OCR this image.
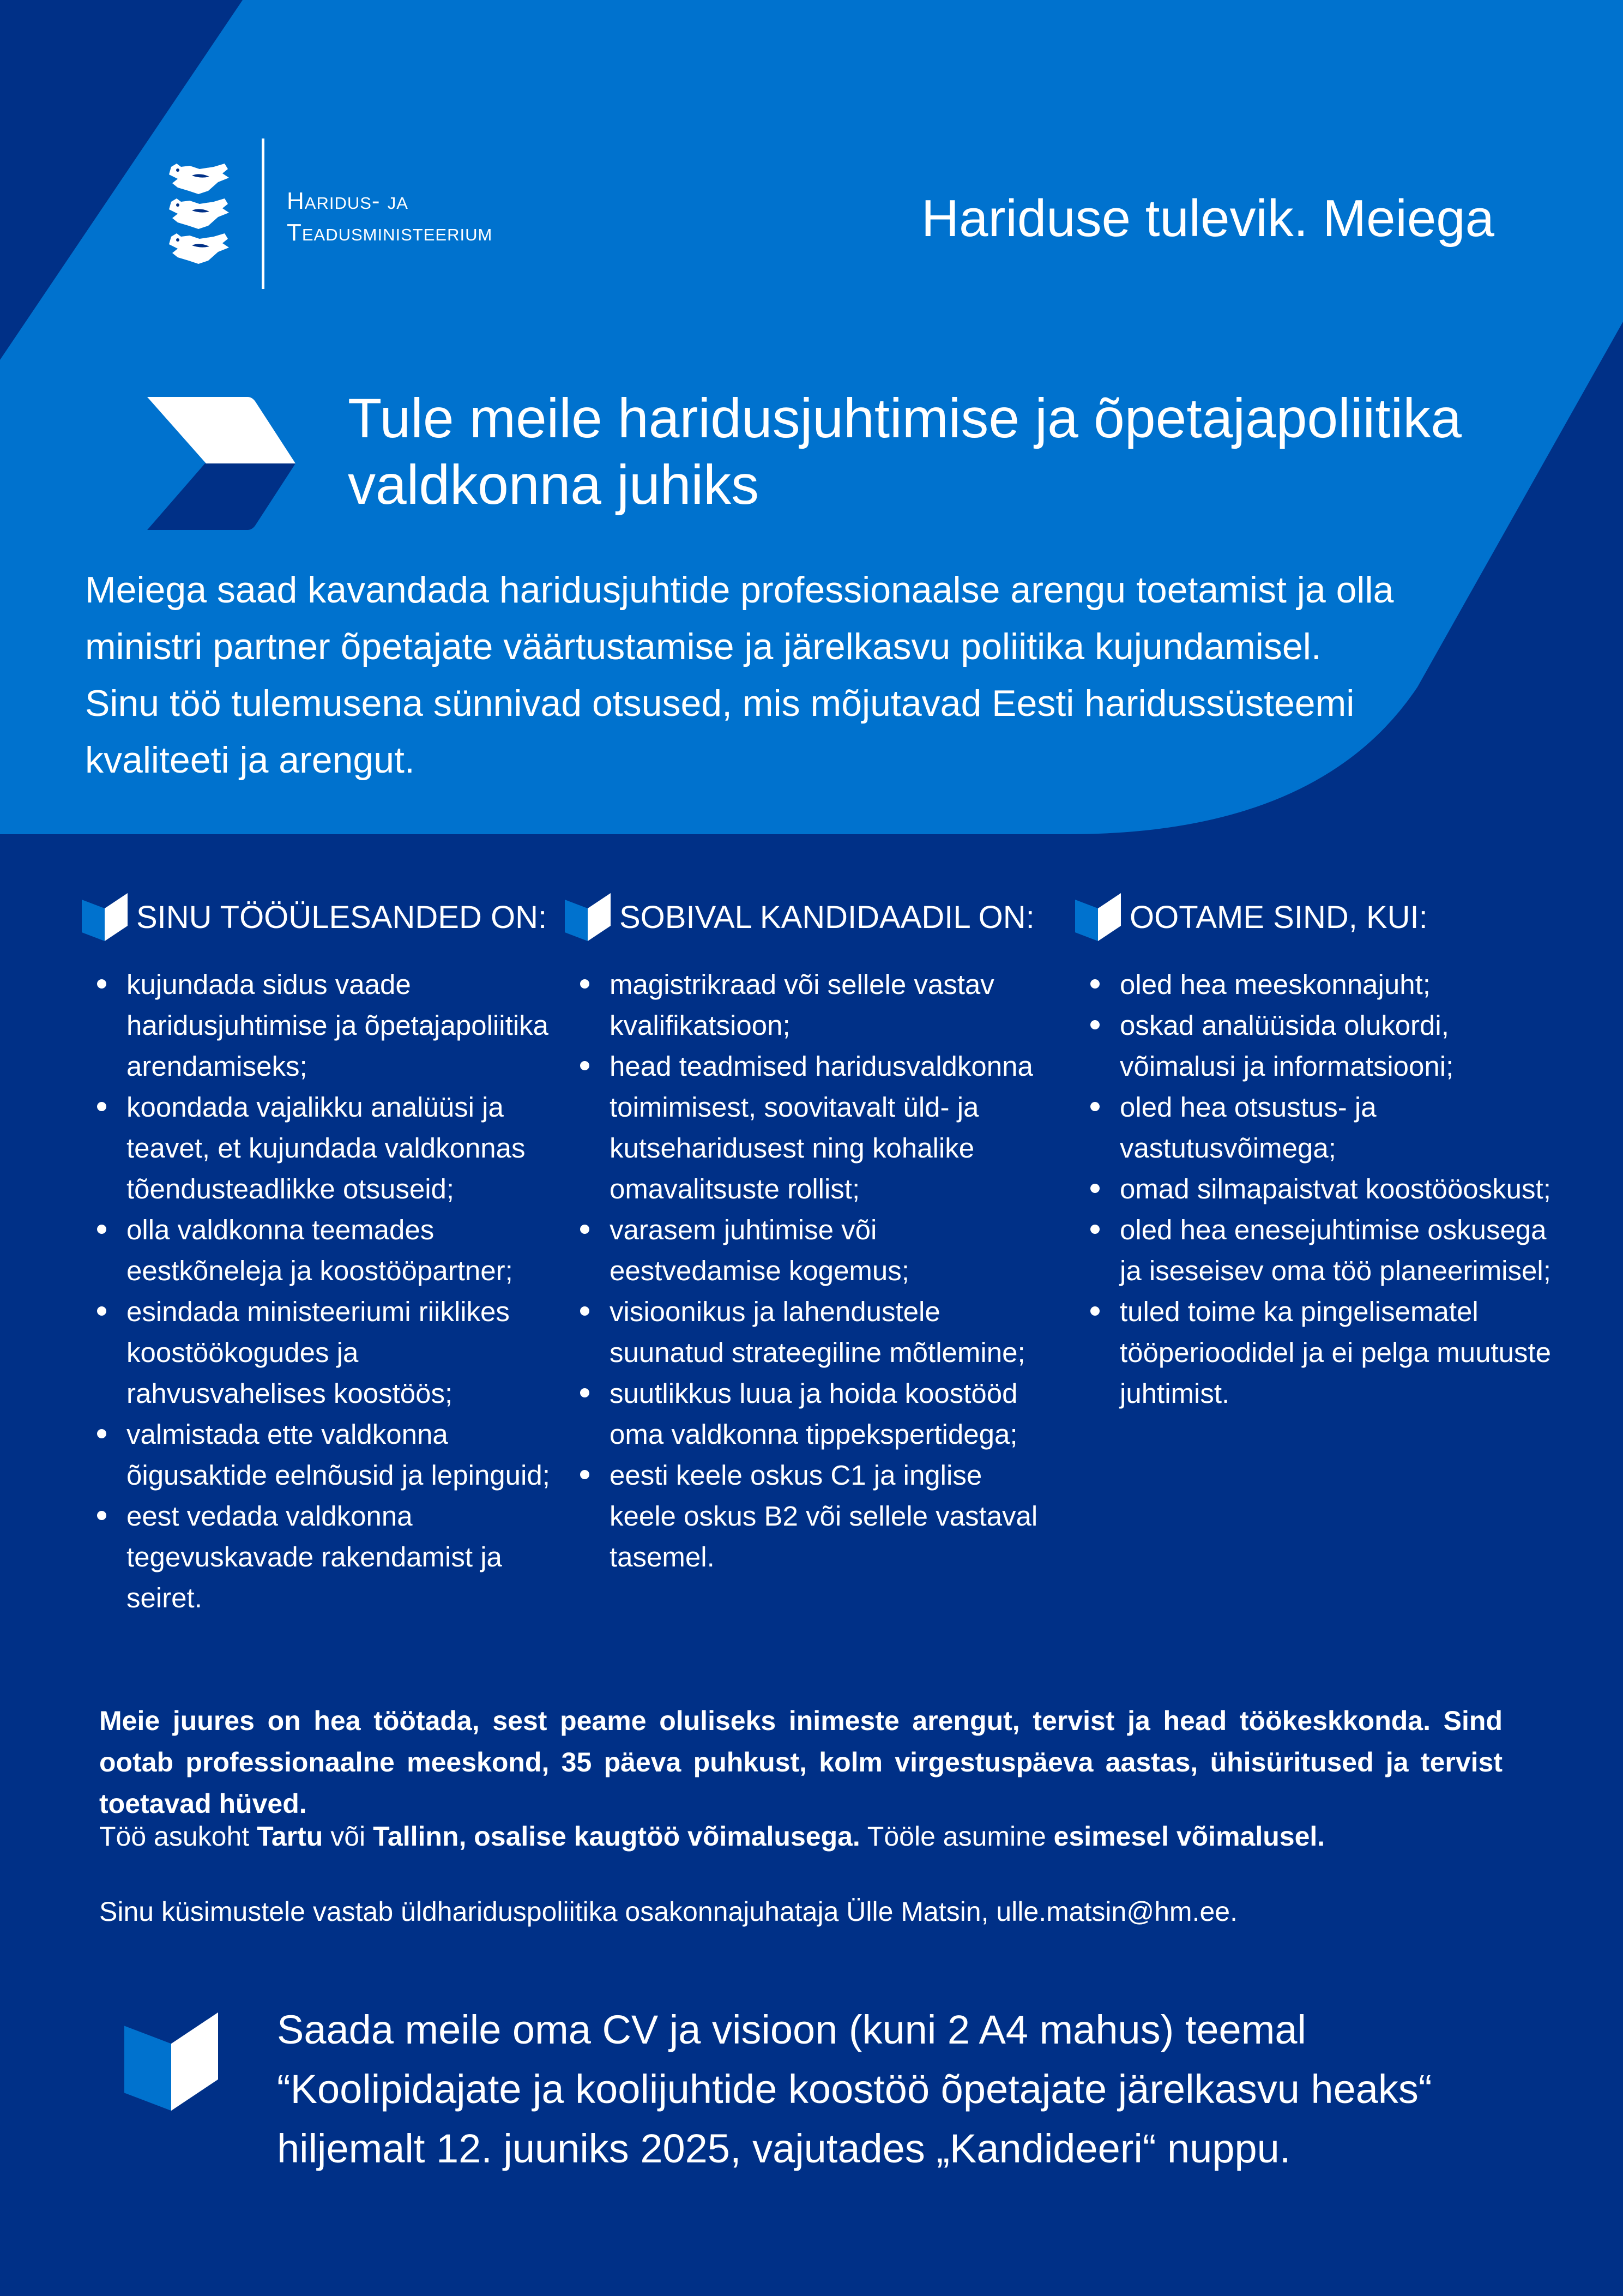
Haridus- ja
Teadusministeerium	Hariduse tulevik. Meiega
Tule meile haridusjuhtimise ja õpetajapoliitika
valdkonna juhiks
Meiega saad kavandada haridusjuhtide professionaalse arengu toetamist ja olla
ministri partner õpetajate väärtustamise ja järelkasvu poliitika kujundamisel.
Sinu töö tulemusena sünnivad otsused, mis mõjutavad Eesti haridussüsteemi
kvaliteeti ja arengut.
SINU TÖÖÜLESANDED ON:
kujundada sidus vaade haridusjuhtimise ja õpetajapoliitika arendamiseks;
koondada vajalikku analüüsi ja teavet, et kujundada valdkonnas tõendusteadlikke otsuseid;
olla valdkonna teemades eestkõneleja ja koostööpartner;
esindada ministeeriumi riiklikes koostöökogudes ja rahvusvahelises koostöös;
valmistada ette valdkonna õigusaktide eelnõusid ja lepinguid;
eest vedada valdkonna tegevuskavade rakendamist ja seiret.
SOBIVAL KANDIDAADIL ON:
magistrikraad või sellele vastav kvalifikatsioon;
head teadmised haridusvaldkonna toimimisest, soovitavalt üld- ja kutseharidusest ning kohalike omavalitsuste rollist;
varasem juhtimise või eestvedamise kogemus;
visioonikus ja lahendustele suunatud strateegiline mõtlemine;
suutlikkus luua ja hoida koostööd oma valdkonna tippekspertidega;
eesti keele oskus C1 ja inglise keele oskus B2 või sellele vastaval tasemel.
OOTAME SIND, KUI:
oled hea meeskonnajuht;
oskad analüüsida olukordi, võimalusi ja informatsiooni;
oled hea otsustus- ja vastutusvõimega;
omad silmapaistvat koostööoskust;
oled hea enesejuhtimise oskusega ja iseseisev oma töö planeerimisel;
tuled toime ka pingelisematel tööperioodidel ja ei pelga muutuste juhtimist.
Meie juures on hea töötada, sest peame oluliseks inimeste arengut, tervist ja head töökeskkonda. Sind ootab professionaalne meeskond, 35 päeva puhkust, kolm virgestuspäeva aastas, ühisüritused ja tervist toetavad hüved.
Töö asukoht Tartu või Tallinn, osalise kaugtöö võimalusega. Tööle asumine esimesel võimalusel.
Sinu küsimustele vastab üldhariduspoliitika osakonnajuhataja Ülle Matsin, ulle.matsin@hm.ee.
Saada meile oma CV ja visioon (kuni 2 A4 mahus) teemal
“Koolipidajate ja koolijuhtide koostöö õpetajate järelkasvu heaks“
hiljemalt 12. juuniks 2025, vajutades „Kandideeri“ nuppu.
